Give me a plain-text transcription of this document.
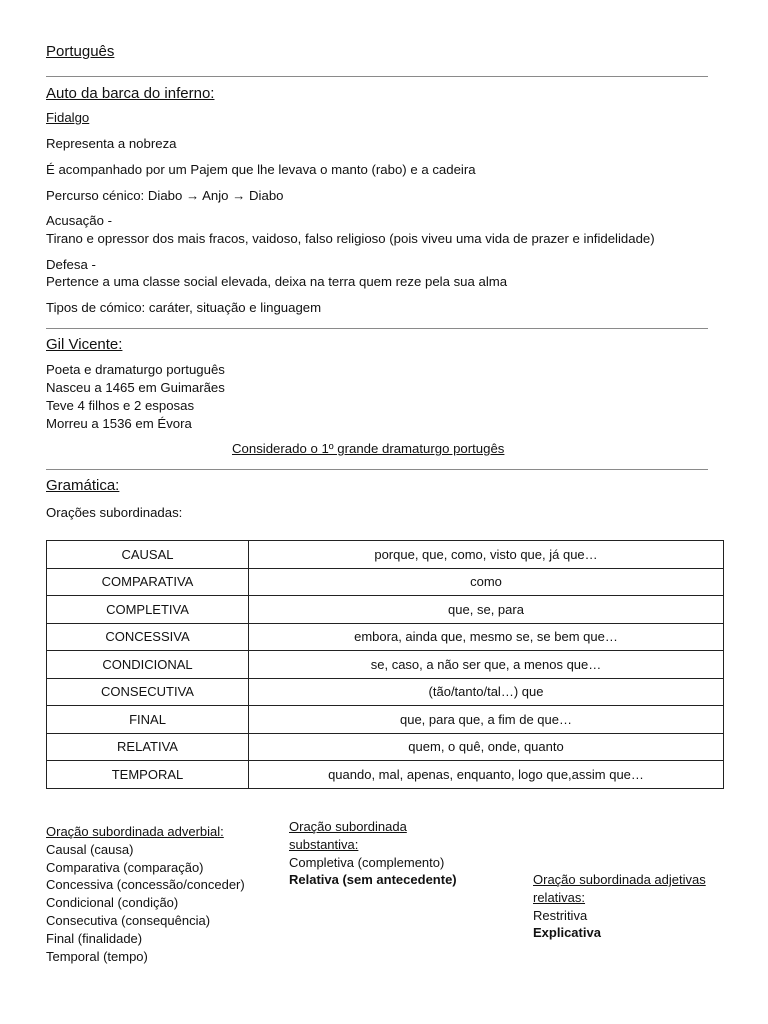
Português
Auto da barca do inferno:
Fidalgo
Representa a nobreza
É acompanhado por um Pajem que lhe levava o manto (rabo) e a cadeira
Percurso cénico: Diabo → Anjo → Diabo
Acusação -
Tirano e opressor dos mais fracos, vaidoso, falso religioso (pois viveu uma vida de prazer e infidelidade)
Defesa -
Pertence a uma classe social elevada, deixa na terra quem reze pela sua alma
Tipos de cómico: caráter, situação e linguagem
Gil Vicente:
Poeta e dramaturgo português
Nasceu a 1465 em Guimarães
Teve 4 filhos e 2 esposas
Morreu a 1536 em Évora
Considerado o 1º grande dramaturgo portugês
Gramática:
Orações subordinadas:
CAUSAL	porque, que, como, visto que, já que…
COMPARATIVA	como
COMPLETIVA	que, se, para
CONCESSIVA	embora, ainda que, mesmo se, se bem que…
CONDICIONAL	se, caso, a não ser que, a menos que…
CONSECUTIVA	(tão/tanto/tal…) que
FINAL	que, para que, a fim de que…
RELATIVA	quem, o quê, onde, quanto
TEMPORAL	quando, mal, apenas, enquanto, logo que,assim que…
Oração subordinada adverbial:
Causal (causa)
Comparativa (comparação)
Concessiva (concessão/conceder)
Condicional (condição)
Consecutiva (consequência)
Final (finalidade)
Temporal (tempo)
Oração subordinada
substantiva:
Completiva (complemento)
Relativa (sem antecedente)	Oração subordinada adjetivas
relativas:
Restritiva
Explicativa
